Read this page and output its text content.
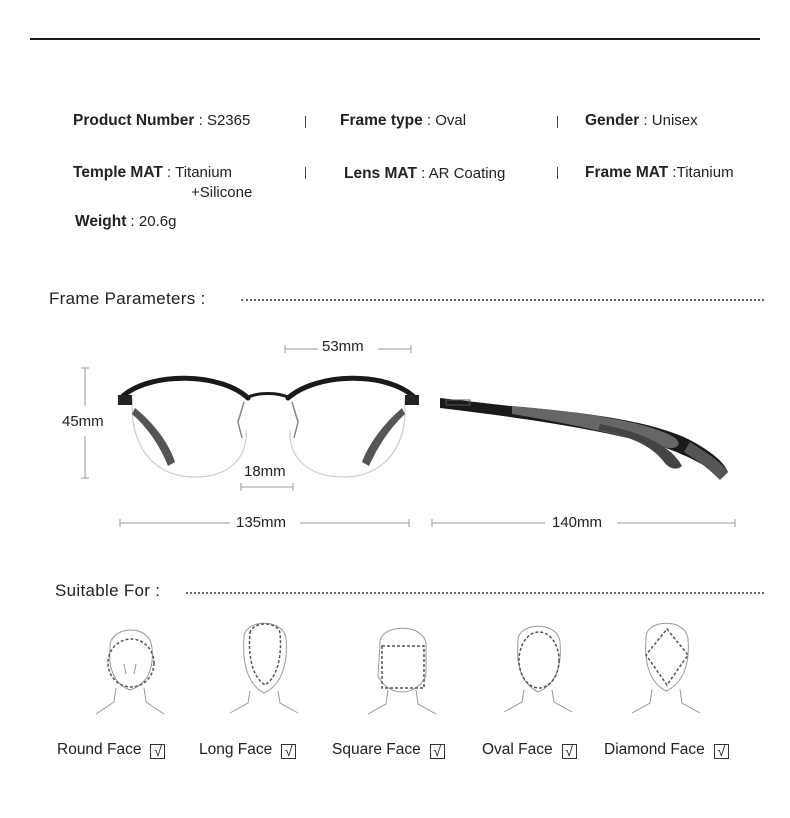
Product Number : S2365	Frame type : Oval	Gender : Unisex
Temple MAT : Titanium
+Silicone
Lens MAT : AR Coating	Frame MAT :Titanium
Weight : 20.6g
Frame Parameters :
53mm
45mm
18mm
135mm	140mm
Suitable For :
Round Face √ Long Face √	Square Face √	Oval Face √ Diamond Face √
